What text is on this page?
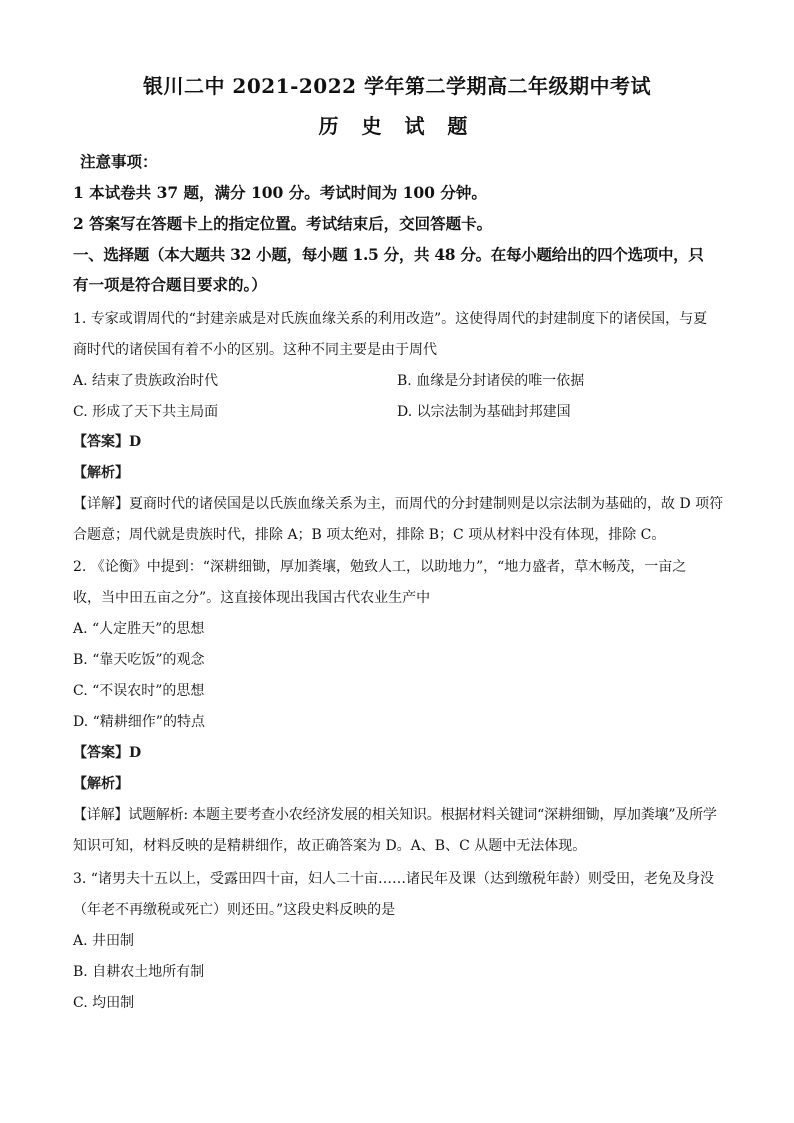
银川二中 2021-2022 学年第二学期高二年级期中考试
历 史 试 题
注意事项：
1 本试卷共 37 题，满分 100 分。考试时间为 100 分钟。
2 答案写在答题卡上的指定位置。考试结束后，交回答题卡。
一、选择题（本大题共 32 小题，每小题 1.5 分，共 48 分。在每小题给出的四个选项中，只
有一项是符合题目要求的。）
1. 专家或谓周代的“封建亲戚是对氏族血缘关系的利用改造”。这使得周代的封建制度下的诸侯国，与夏
商时代的诸侯国有着不小的区别。这种不同主要是由于周代
A. 结束了贵族政治时代	B. 血缘是分封诸侯的唯一依据
C. 形成了天下共主局面	D. 以宗法制为基础封邦建国
【答案】D
【解析】
【详解】夏商时代的诸侯国是以氏族血缘关系为主，而周代的分封建制则是以宗法制为基础的，故 D 项符
合题意；周代就是贵族时代，排除 A；B 项太绝对，排除 B；C 项从材料中没有体现，排除 C。
2. 《论衡》中提到：“深耕细锄，厚加粪壤，勉致人工，以助地力”，“地力盛者，草木畅茂，一亩之
收，当中田五亩之分”。这直接体现出我国古代农业生产中
A. “人定胜天”的思想
B. “靠天吃饭”的观念
C. “不误农时”的思想
D. “精耕细作”的特点
【答案】D
【解析】
【详解】试题解析: 本题主要考查小农经济发展的相关知识。根据材料关键词“深耕细锄，厚加粪壤”及所学
知识可知，材料反映的是精耕细作，故正确答案为 D。A、B、C 从题中无法体现。
3. “诸男夫十五以上，受露田四十亩，妇人二十亩……诸民年及课（达到缴税年龄）则受田，老免及身没
（年老不再缴税或死亡）则还田。”这段史料反映的是
A. 井田制
B. 自耕农土地所有制
C. 均田制
